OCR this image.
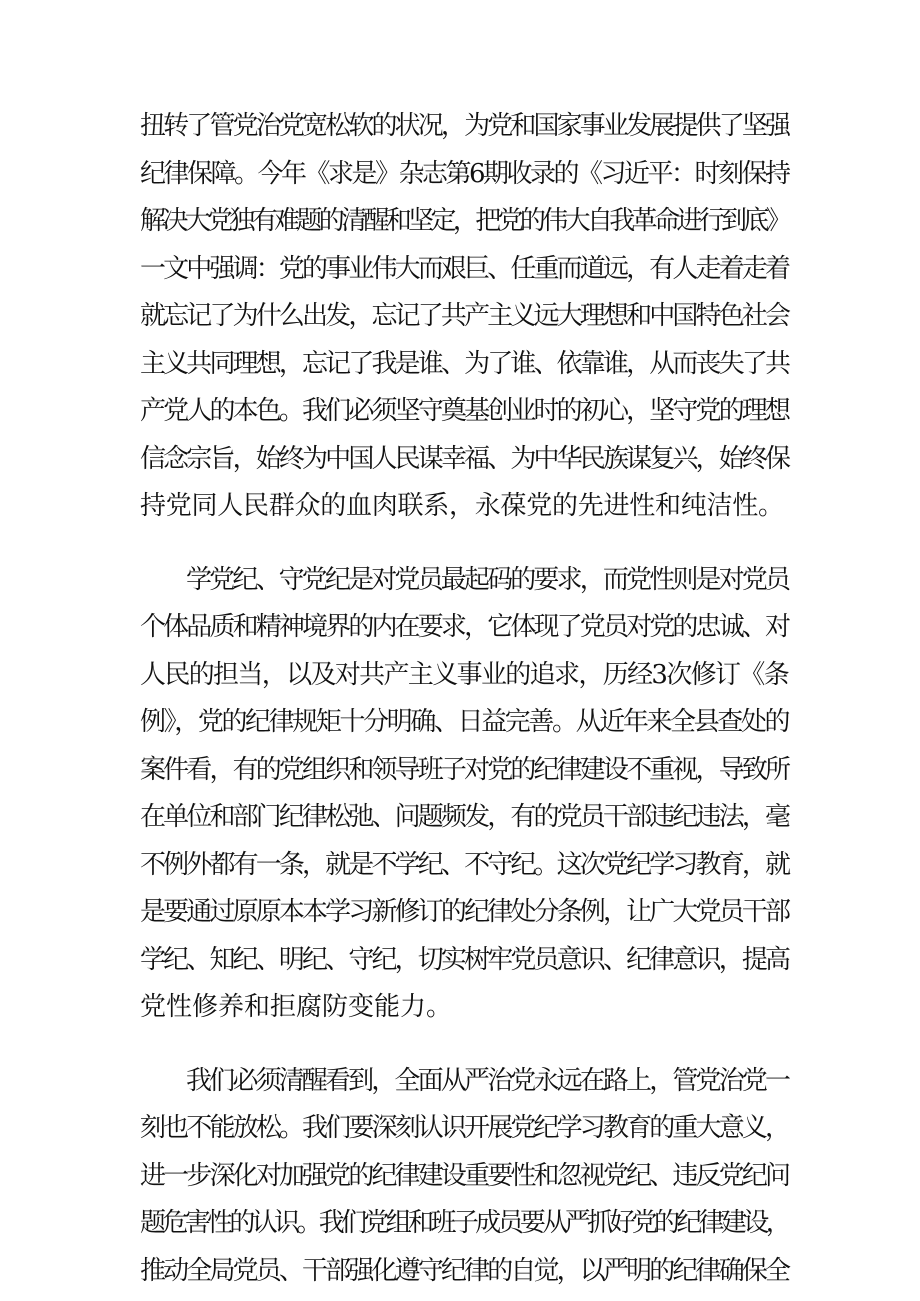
扭转了管党治党宽松软的状况，为党和国家事业发展提供了坚强
纪律保障。今年《求是》杂志第6期收录的《习近平：时刻保持
解决大党独有难题的清醒和坚定，把党的伟大自我革命进行到底》
一文中强调：党的事业伟大而艰巨、任重而道远，有人走着走着
就忘记了为什么出发，忘记了共产主义远大理想和中国特色社会
主义共同理想，忘记了我是谁、为了谁、依靠谁，从而丧失了共
产党人的本色。我们必须坚守奠基创业时的初心，坚守党的理想
信念宗旨，始终为中国人民谋幸福、为中华民族谋复兴，始终保
持党同人民群众的血肉联系，永葆党的先进性和纯洁性。

学党纪、守党纪是对党员最起码的要求，而党性则是对党员
个体品质和精神境界的内在要求，它体现了党员对党的忠诚、对
人民的担当，以及对共产主义事业的追求，历经3次修订《条
例》，党的纪律规矩十分明确、日益完善。从近年来全县查处的
案件看，有的党组织和领导班子对党的纪律建设不重视，导致所
在单位和部门纪律松弛、问题频发，有的党员干部违纪违法，毫
不例外都有一条，就是不学纪、不守纪。这次党纪学习教育，就
是要通过原原本本学习新修订的纪律处分条例，让广大党员干部
学纪、知纪、明纪、守纪，切实树牢党员意识、纪律意识，提高
党性修养和拒腐防变能力。

我们必须清醒看到，全面从严治党永远在路上，管党治党一
刻也不能放松。我们要深刻认识开展党纪学习教育的重大意义，
进一步深化对加强党的纪律建设重要性和忽视党纪、违反党纪问
题危害性的认识。我们党组和班子成员要从严抓好党的纪律建设，
推动全局党员、干部强化遵守纪律的自觉，以严明的纪律确保全
